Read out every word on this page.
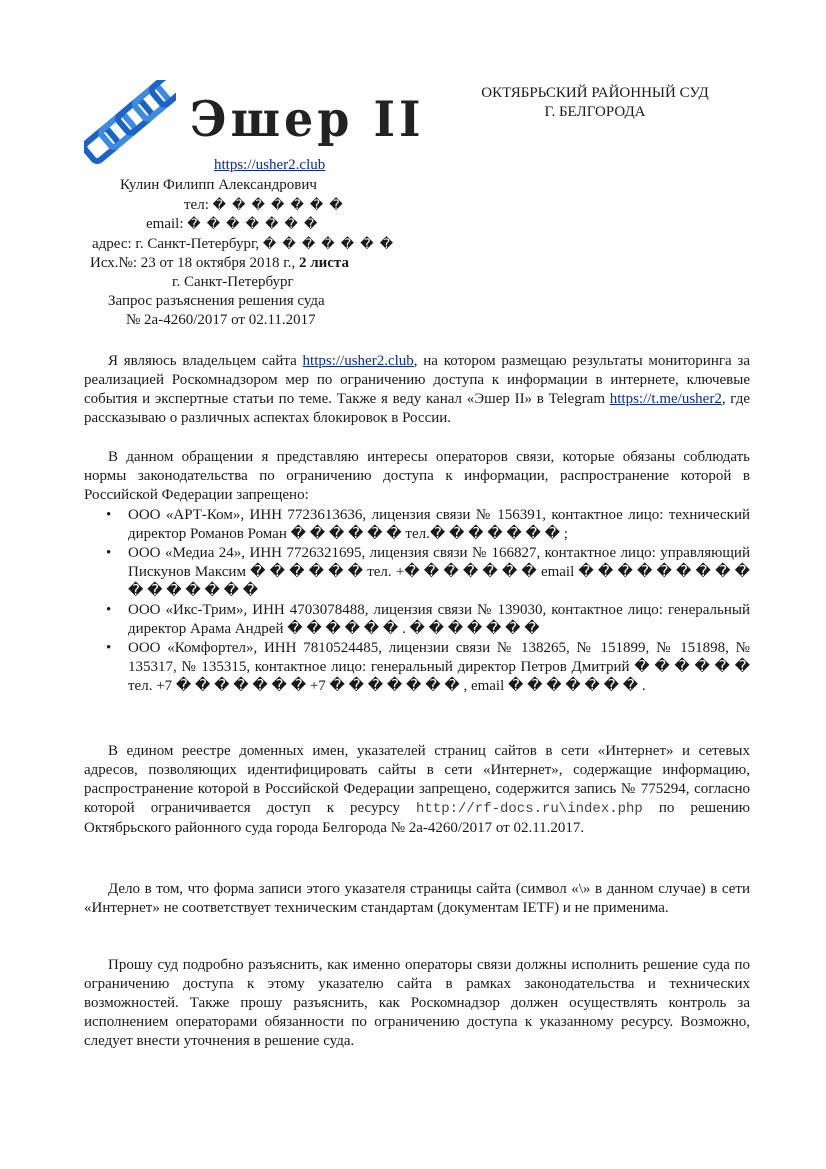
Эшер II	ОКТЯБРЬСКИЙ РАЙОННЫЙ СУД
Г. БЕЛГОРОДА
https://usher2.club
Кулин Филипп Александрович
тел: � � � � � � �
email: � � � � � � �
адрес: г. Санкт-Петербург, � � � � � � �
Исх.№: 23 от 18 октября 2018 г., 2 листа
г. Санкт-Петербург
Запрос разъяснения решения суда
№ 2а-4260/2017 от 02.11.2017

Я являюсь владельцем сайта https://usher2.club, на котором размещаю результаты мониторинга за реализацией Роскомнадзором мер по ограничению доступа к информации в интернете, ключевые события и экспертные статьи по теме. Также я веду канал «Эшер II» в Telegram https://t.me/usher2, где рассказываю о различных аспектах блокировок в России.

В данном обращении я представляю интересы операторов связи, которые обязаны соблюдать нормы законодательства по ограничению доступа к информации, распространение которой в Российской Федерации запрещено:

• ООО «АРТ-Ком», ИНН 7723613636, лицензия связи № 156391, контактное лицо: технический директор Романов Роман � � � � � � тел.� � � � � � � ;
• ООО «Медиа 24», ИНН 7726321695, лицензия связи № 166827, контактное лицо: управляющий Пискунов Максим � � � � � � тел. +� � � � � � � email � � � � � � � � � � � � � � � �
• ООО «Икс-Трим», ИНН 4703078488, лицензия связи № 139030, контактное лицо: генеральный директор Арама Андрей � � � � � � . � � � � � � �
• ООО «Комфортел», ИНН 7810524485, лицензии связи № 138265, № 151899, № 151898, № 135317, № 135315, контактное лицо: генеральный директор Петров Дмитрий � � � � � � тел. +7 � � � � � � � +7 � � � � � � � , email � � � � � � � .

В едином реестре доменных имен, указателей страниц сайтов в сети «Интернет» и сетевых адресов, позволяющих идентифицировать сайты в сети «Интернет», содержащие информацию, распространение которой в Российской Федерации запрещено, содержится запись № 775294, согласно которой ограничивается доступ к ресурсу http://rf-docs.ru\index.php по решению Октябрьского районного суда города Белгорода № 2а-4260/2017 от 02.11.2017.

Дело в том, что форма записи этого указателя страницы сайта (символ «\» в данном случае) в сети «Интернет» не соответствует техническим стандартам (документам IETF) и не применима.

Прошу суд подробно разъяснить, как именно операторы связи должны исполнить решение суда по ограничению доступа к этому указателю сайта в рамках законодательства и технических возможностей. Также прошу разъяснить, как Роскомнадзор должен осуществлять контроль за исполнением операторами обязанности по ограничению доступа к указанному ресурсу. Возможно, следует внести уточнения в решение суда.
